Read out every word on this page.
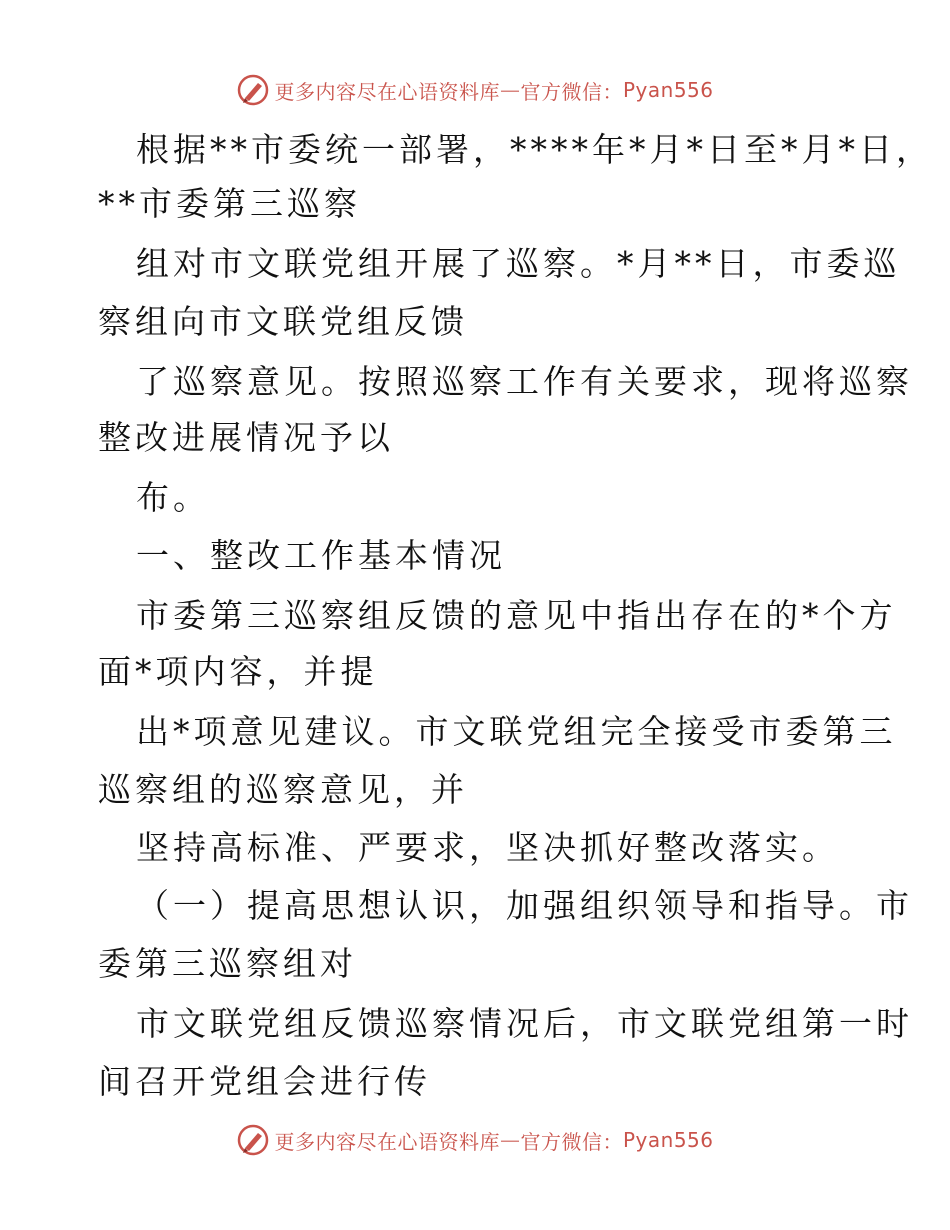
更多内容尽在心语资料库 — 官方微信： Pyan556
根据**市委统一部署，****年*月*日至*月*日，
**市委第三巡察
组对市文联党组开展了巡察。*月**日，市委巡
察组向市文联党组反馈
了巡察意见。按照巡察工作有关要求，现将巡察
整改进展情况予以
布。
一、整改工作基本情况
市委第三巡察组反馈的意见中指出存在的*个方
面*项内容，并提
出*项意见建议。市文联党组完全接受市委第三
巡察组的巡察意见，并
坚持高标准、严要求，坚决抓好整改落实。
（一）提高思想认识，加强组织领导和指导。市
委第三巡察组对
市文联党组反馈巡察情况后，市文联党组第一时
间召开党组会进行传
更多内容尽在心语资料库 — 官方微信： Pyan556
